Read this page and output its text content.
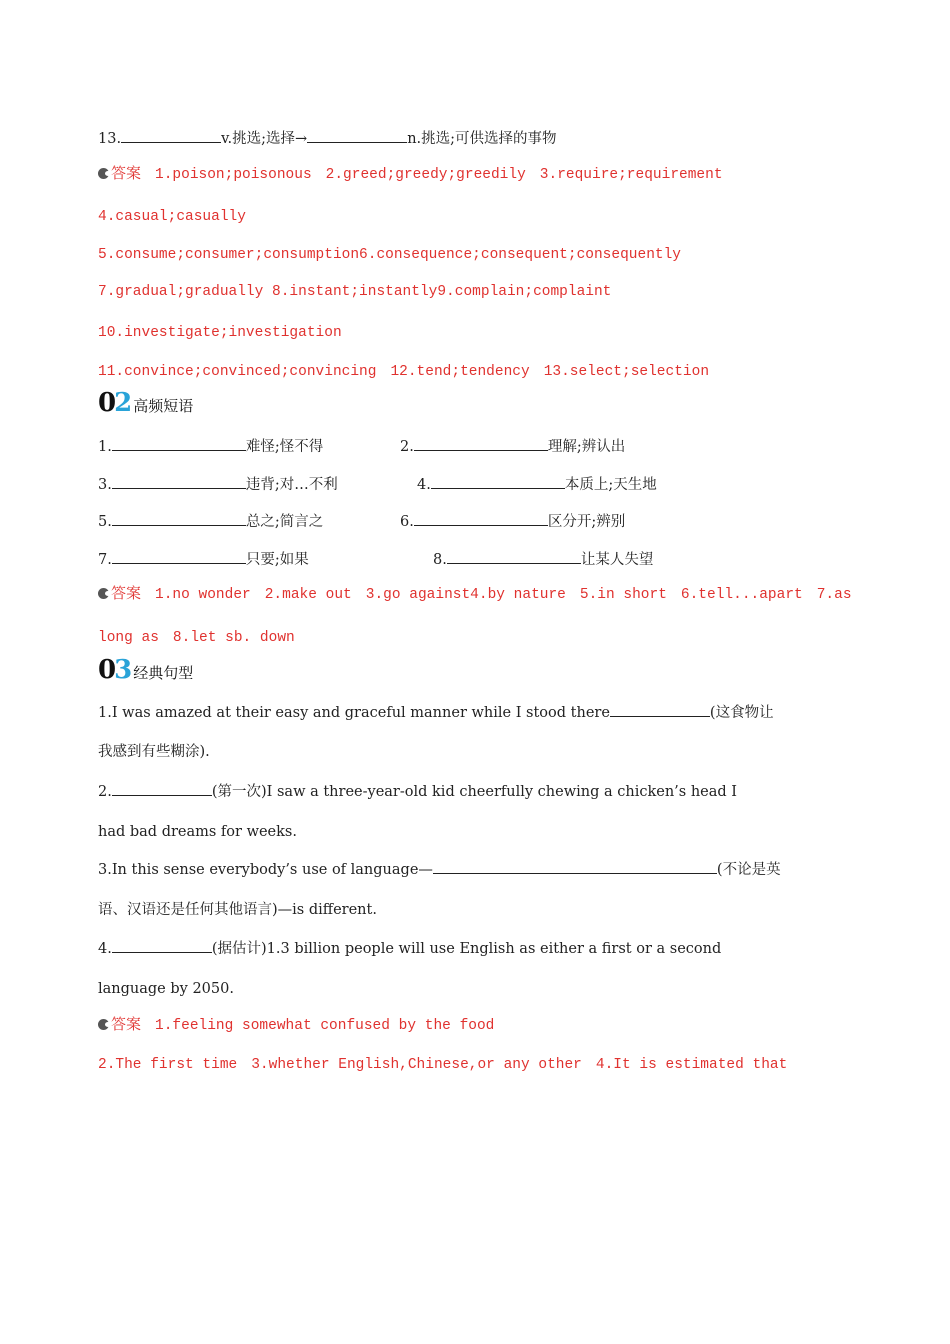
13.	v.挑选;选择→	n.挑选;可供选择的事物
答案 1.poison;poisonous 2.greed;greedy;greedily 3.require;requirement
4.casual;casually
5.consume;consumer;consumption6.consequence;consequent;consequently
7.gradual;gradually 8.instant;instantly9.complain;complaint
10.investigate;investigation
11.convince;convinced;convincing 12.tend;tendency 13.select;selection
02高频短语
1.	难怪;怪不得	2.	理解;辨认出
3.	违背;对…不利	4.	本质上;天生地
5.	总之;简言之	6.	区分开;辨别
7.	只要;如果	8.	让某人失望
答案 1.no wonder 2.make out 3.go against4.by nature 5.in short 6.tell...apart 7.as
long as 8.let sb. down
03经典句型
1.I was amazed at their easy and graceful manner while I stood there	(这食物让
我感到有些糊涂).
2.	(第一次)I saw a three-year-old kid cheerfully chewing a chicken’s head I
had bad dreams for weeks.
3.In this sense everybody’s use of language—	(不论是英
语、汉语还是任何其他语言)—is different.
4.	(据估计)1.3 billion people will use English as either a first or a second
language by 2050.
答案 1.feeling somewhat confused by the food
2.The first time 3.whether English,Chinese,or any other 4.It is estimated that
